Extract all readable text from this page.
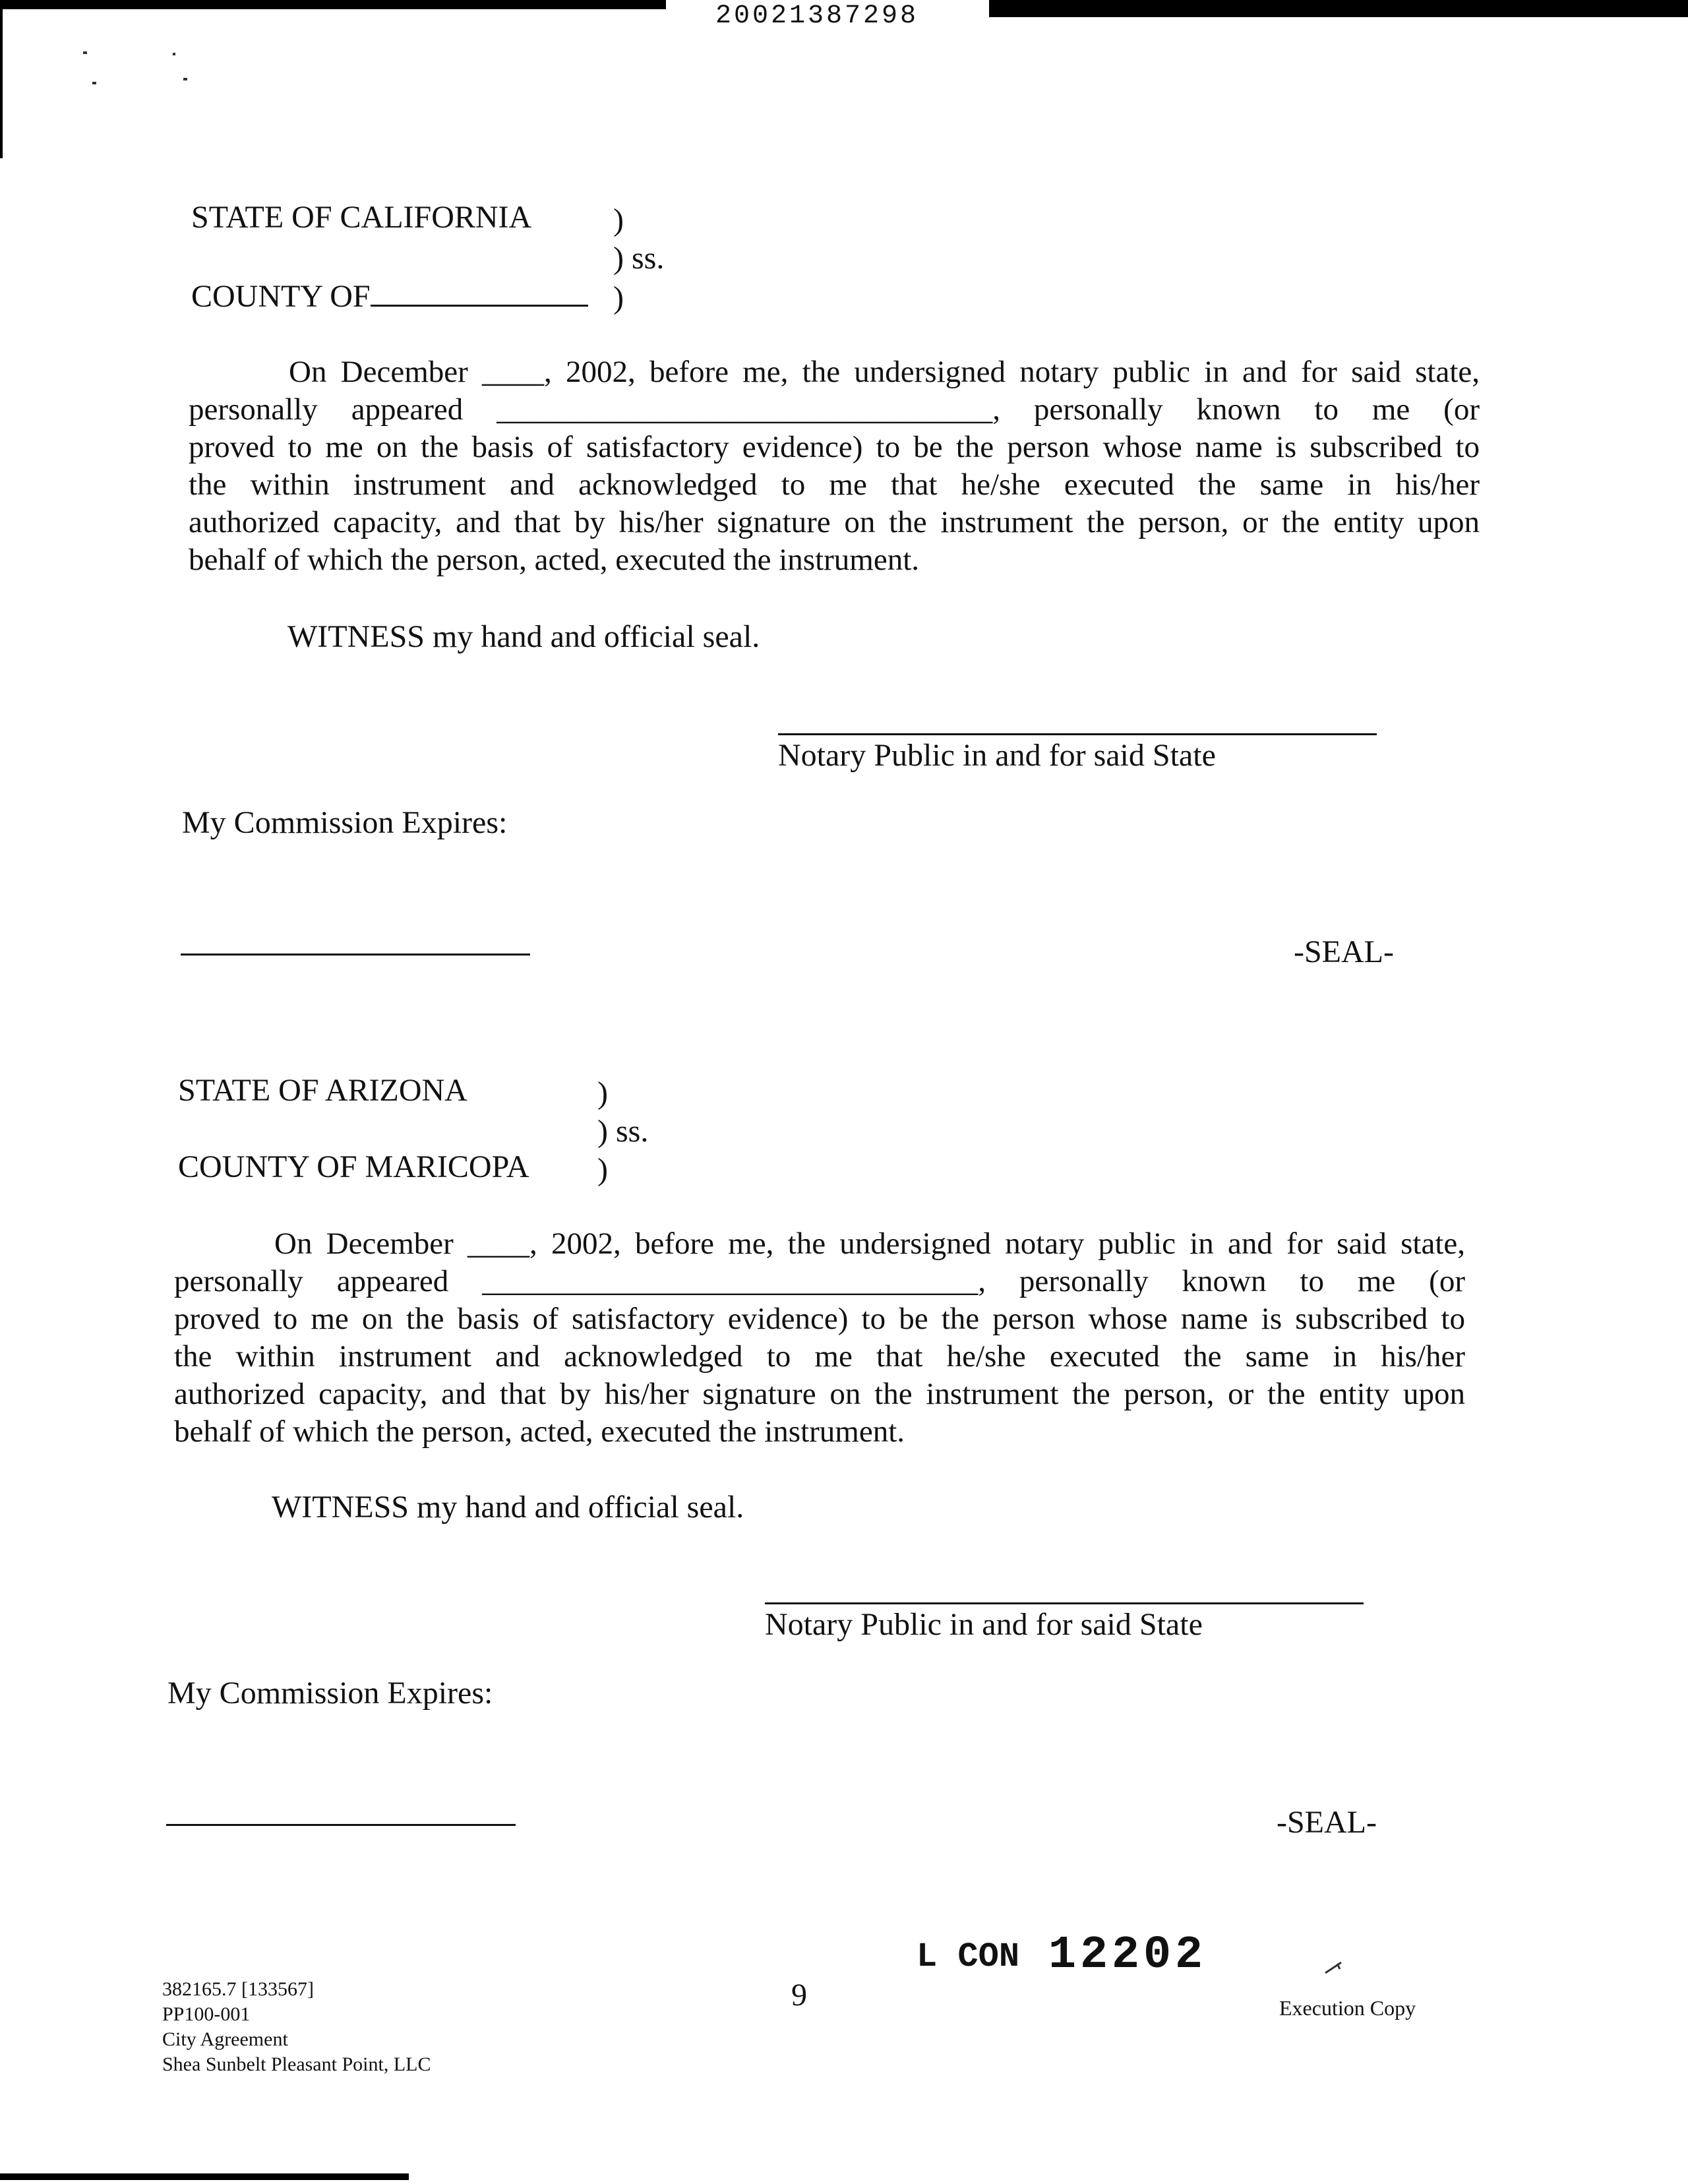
20021387298
STATE OF CALIFORNIA	)
) ss.
COUNTY OF	)
On December ____, 2002, before me, the undersigned notary public in and for said state,
personally appeared ________________________________, personally known to me (or
proved to me on the basis of satisfactory evidence) to be the person whose name is subscribed to
the within instrument and acknowledged to me that he/she executed the same in his/her
authorized capacity, and that by his/her signature on the instrument the person, or the entity upon
behalf of which the person, acted, executed the instrument.
WITNESS my hand and official seal.
Notary Public in and for said State
My Commission Expires:
-SEAL-
STATE OF ARIZONA	)
) ss.
COUNTY OF MARICOPA )
On December ____, 2002, before me, the undersigned notary public in and for said state,
personally appeared ________________________________, personally known to me (or
proved to me on the basis of satisfactory evidence) to be the person whose name is subscribed to
the within instrument and acknowledged to me that he/she executed the same in his/her
authorized capacity, and that by his/her signature on the instrument the person, or the entity upon
behalf of which the person, acted, executed the instrument.
WITNESS my hand and official seal.
Notary Public in and for said State
My Commission Expires:
-SEAL-
382165.7 [133567]
PP100-001
City Agreement
Shea Sunbelt Pleasant Point, LLC
9
L CON 12202
Execution Copy
